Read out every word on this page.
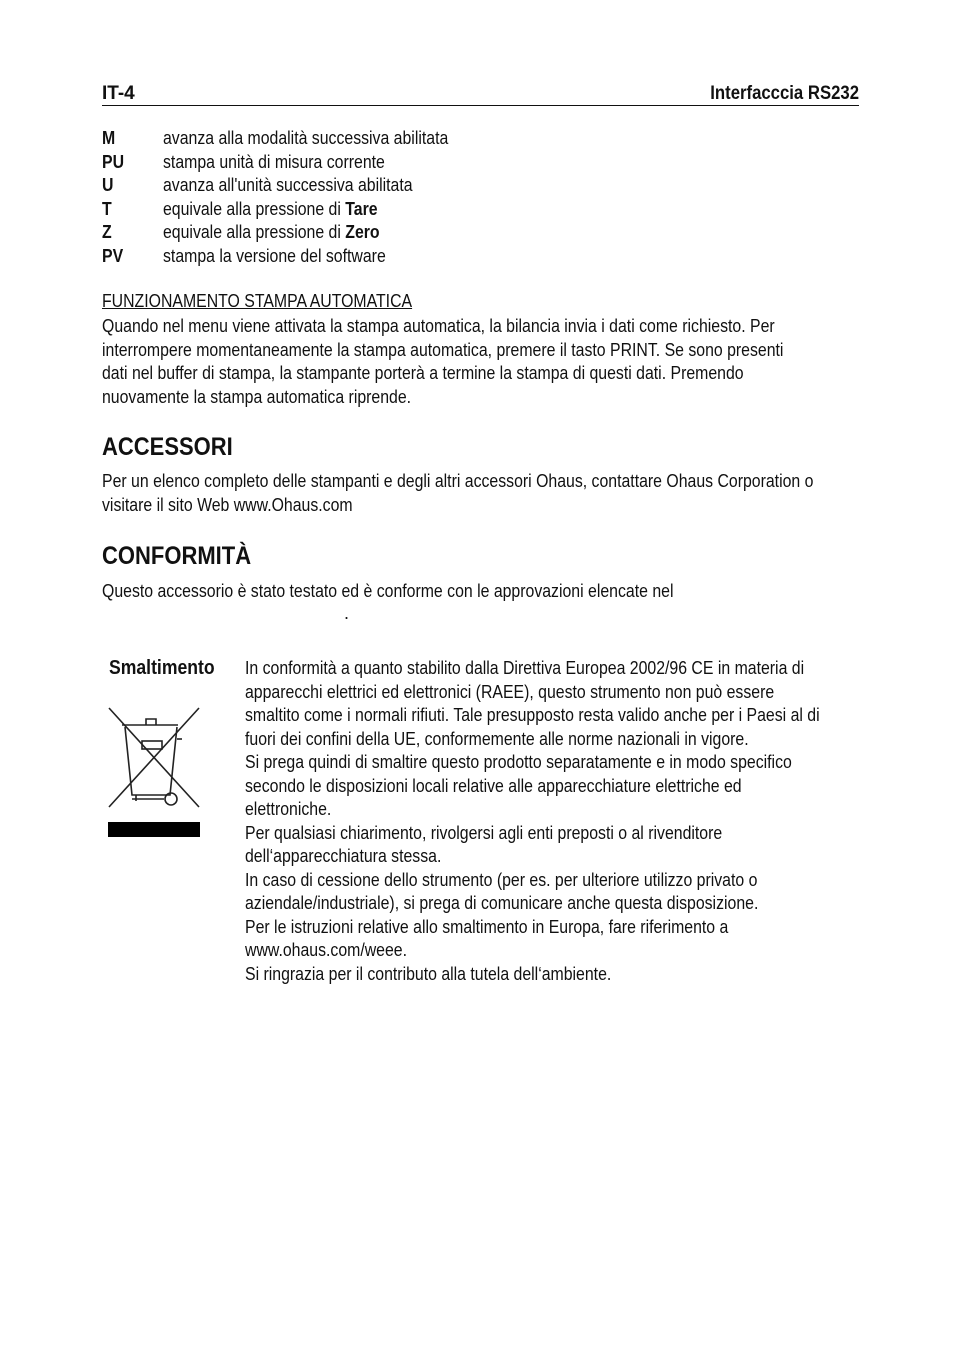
IT-4	Interfacccia RS232
M	avanza alla modalità successiva abilitata
PU stampa unità di misura corrente
U	avanza all'unità successiva abilitata
T	equivale alla pressione di Tare
Z	equivale alla pressione di Zero
PV stampa la versione del software
FUNZIONAMENTO STAMPA AUTOMATICA
Quando nel menu viene attivata la stampa automatica, la bilancia invia i dati come richiesto. Per
interrompere momentaneamente la stampa automatica, premere il tasto PRINT. Se sono presenti
dati nel buffer di stampa, la stampante porterà a termine la stampa di questi dati. Premendo
nuovamente la stampa automatica riprende.
ACCESSORI
Per un elenco completo delle stampanti e degli altri accessori Ohaus, contattare Ohaus Corporation o
visitare il sito Web www.Ohaus.com
CONFORMITÀ
Questo accessorio è stato testato ed è conforme con le approvazioni elencate nel
.
Smaltimento In conformità a quanto stabilito dalla Direttiva Europea 2002/96 CE in materia di
apparecchi elettrici ed elettronici (RAEE), questo strumento non può essere
smaltito come i normali rifiuti. Tale presupposto resta valido anche per i Paesi al di
fuori dei confini della UE, conformemente alle norme nazionali in vigore.
Si prega quindi di smaltire questo prodotto separatamente e in modo specifico
secondo le disposizioni locali relative alle apparecchiature elettriche ed
elettroniche.
Per qualsiasi chiarimento, rivolgersi agli enti preposti o al rivenditore
dell‘apparecchiatura stessa.
In caso di cessione dello strumento (per es. per ulteriore utilizzo privato o
aziendale/industriale), si prega di comunicare anche questa disposizione.
Per le istruzioni relative allo smaltimento in Europa, fare riferimento a
www.ohaus.com/weee.
Si ringrazia per il contributo alla tutela dell‘ambiente.
